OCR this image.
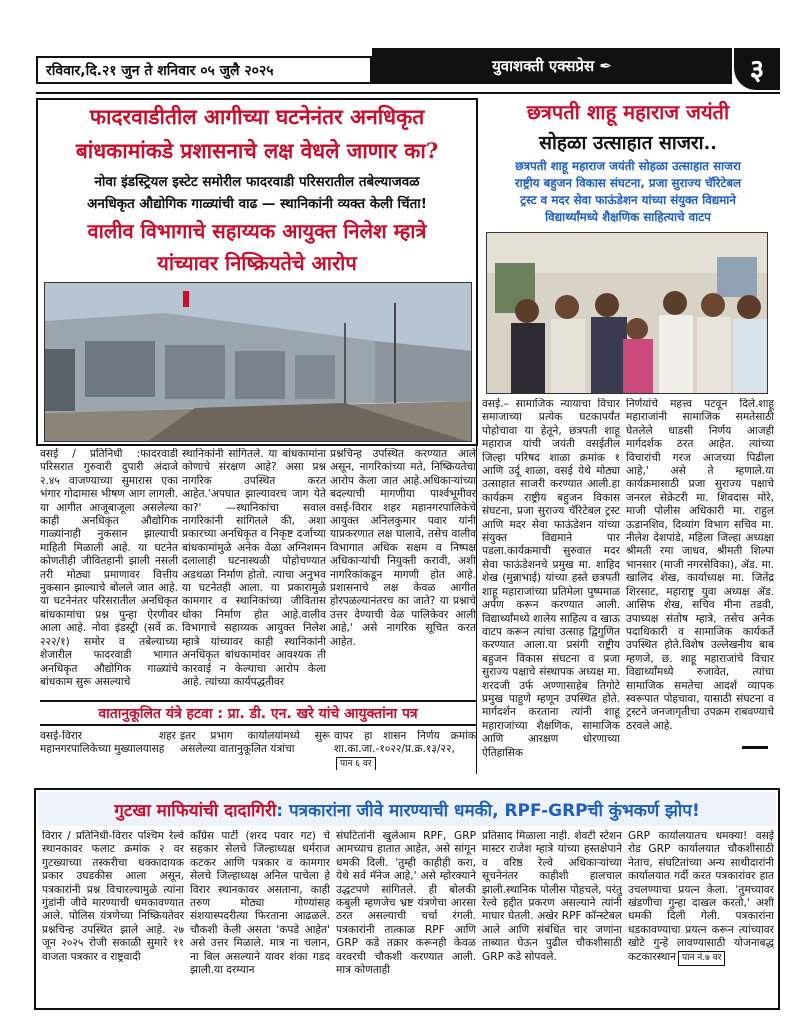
रविवार,दि.२१ जुन ते शनिवार ०५ जुलै २०२५	युवाशक्ती एक्सप्रेस
✒	३
फादरवाडीतील आगीच्या घटनेनंतर अनधिकृत
बांधकामांकडे प्रशासनाचे लक्ष वेधले जाणार का?
नोवा इंडस्ट्रियल इस्टेट समोरील फादरवाडी परिसरातील तबेल्याजवळ
अनधिकृत औद्योगिक गाळ्यांची वाढ — स्थानिकांनी व्यक्त केली चिंता!
वालीव विभागाचे सहाय्यक आयुक्त निलेश म्हात्रे
यांच्यावर निष्क्रियतेचे आरोप
वसई / प्रतिनिधी :फादरवाडी परिसरात गुरुवारी दुपारी अंदाजे २.४५ वाजण्याच्या सुमारास एका भंगार गोदामास भीषण आग लागली. या आगीत आजूबाजूला असलेल्या काही अनधिकृत औद्योगिक गाळ्यांनाही नुकसान झाल्याची माहिती मिळाली आहे. या घटनेत कोणतीही जीवितहानी झाली नसली तरी मोठ्या प्रमाणावर वित्तीय नुकसान झाल्याचे बोलले जात आहे. या घटनेनंतर परिसरातील अनधिकृत बांधकामांचा प्रश्न पुन्हा ऐरणीवर आला आहे. नोवा इंडस्ट्री (सर्वे क्र. २२२/१) समोर व तबेल्याच्या शेजारील फादरवाडी भागात अनधिकृत औद्योगिक गाळ्यांचे बांधकाम सुरू असल्याचे
स्थानिकांनी सांगितले. या बांधकामांना कोणाचे संरक्षण आहे? असा प्रश्न नागरिक उपस्थित करत आहेत.'अपघात झाल्यावरच जाग येते का?' —स्थानिकांचा सवाल नागरिकांनी सांगितले की, अशा प्रकारच्या अनधिकृत व निकृष्ट दर्जाच्या बांधकामांमुळे अनेक वेळा अग्निशमन दलालाही घटनास्थळी पोहोचण्यात अडथळा निर्माण होतो. त्याचा अनुभव या घटनेतही आला. या प्रकारामुळे कामगार व स्थानिकांच्या जीवितास धोका निर्माण होत आहे.वालीव विभागाचे सहाय्यक आयुक्त निलेश म्हात्रे यांच्यावर काही स्थानिकांनी अनधिकृत बांधकामांवर आवश्यक ती कारवाई न केल्याचा आरोप केला आहे. त्यांच्या कार्यपद्धतीवर
प्रश्नचिन्ह उपस्थित करण्यात आले असून, नागरिकांच्या मते, निष्क्रियतेचा आरोप केला जात आहे.अधिकाऱ्यांच्या बदल्याची मागणीया पार्श्वभूमीवर वसई-विरार शहर महानगरपालिकेचे आयुक्त अनिलकुमार पवार यांनी याप्रकरणात लक्ष घालावे, तसेच वालीव विभागात अधिक सक्षम व निष्पक्ष अधिकाऱ्यांची नियुक्ती करावी, अशी नागरिकांकडून मागणी होत आहे. प्रशासनाचे लक्ष केवळ आगीत होरपळल्यानंतरच का जाते? या प्रश्नाचे उत्तर देण्याची वेळ पालिकेवर आली आहे,' असे नागरिक सूचित करत आहेत.
वातानुकूलित यंत्रे हटवा : प्रा. डी. एन. खरे यांचे आयुक्तांना पत्र
वसई-विरार शहर महानगरपालिकेच्या मुख्यालयासह
इतर प्रभाग कार्यालयांमध्ये सुरू असलेल्या वातानुकूलित यंत्रांचा
वापर हा शासन निर्णय क्रमांक शा.का.जा.-१०२२/प्र.क्र.१३/२२,पान ६ वर
छत्रपती शाहू महाराज जयंती
सोहळा उत्साहात साजरा..
छत्रपती शाहू महाराज जयंती सोहळा उत्साहात साजरा
राष्ट्रीय बहुजन विकास संघटना, प्रजा सुराज्य चॅरिटेबल
ट्रस्ट व मदर सेवा फाऊंडेशन यांच्या संयुक्त विद्यमाने
विद्यार्थ्यांमध्ये शैक्षणिक साहित्याचे वाटप
वसई.– सामाजिक न्यायाचा विचार समाजाच्या प्रत्येक घटकापर्यंत पोहोचावा या हेतूने, छत्रपती शाहू महाराज यांची जयंती वसईतील जिल्हा परिषद शाळा क्रमांक १ आणि उर्दू शाळा, वसई येथे मोठ्या उत्साहात साजरी करण्यात आली.हा कार्यक्रम राष्ट्रीय बहुजन विकास संघटना, प्रजा सुराज्य चॅरिटेबल ट्रस्ट आणि मदर सेवा फाऊंडेशन यांच्या संयुक्त विद्यमाने पार पडला.कार्यक्रमाची सुरुवात मदर सेवा फाऊंडेशनचे प्रमुख मा. शाहिद शेख (मुन्नाभाई) यांच्या हस्ते छत्रपती शाहू महाराजांच्या प्रतिमेला पुष्पमाळ अर्पण करून करण्यात आली. विद्यार्थ्यांमध्ये शालेय साहित्य व खाऊ वाटप करून त्यांचा उत्साह द्विगुणित करण्यात आला.या प्रसंगी राष्ट्रीय बहुजन विकास संघटना व प्रजा सुराज्य पक्षाचे संस्थापक अध्यक्ष मा. शरदजी उर्फ अण्णासाहेब तिगोटे प्रमुख पाहुणे म्हणून उपस्थित होते. मार्गदर्शन करताना त्यांनी शाहू महाराजांच्या शैक्षणिक, सामाजिक आणि आरक्षण धोरणाच्या ऐतिहासिक
निर्णयांचे महत्त्व पटवून दिले.शाहू महाराजांनी सामाजिक समतेसाठी घेतलेले धाडसी निर्णय आजही मार्गदर्शक ठरत आहेत. त्यांच्या विचारांची गरज आजच्या पिढीला आहे,' असे ते म्हणाले.या कार्यक्रमासाठी प्रजा सुराज्य पक्षाचे जनरल सेक्रेटरी मा. शिवदास मोरे, माजी पोलीस अधिकारी मा. राहुल ऊडानशिव, दिव्यांग विभाग सचिव मा. नीलेश देशपांडे, महिला जिल्हा अध्यक्षा श्रीमती रमा जाधव, श्रीमती शिल्पा भानसार (माजी नगरसेविका), ॲड. मा. खालिद शेख, कार्याध्यक्ष मा. जितेंद्र शिरसाट, महाराष्ट्र युवा अध्यक्ष ॲड. आसिफ शेख, सचिव मीना तडवी, उपाध्यक्ष संतोष म्हात्रे, तसेच अनेक पदाधिकारी व सामाजिक कार्यकर्ते उपस्थित होते.विशेष उल्लेखनीय बाब म्हणजे, छ. शाहू महाराजांचे विचार विद्यार्थ्यांमध्ये रुजावेत, त्यांचा सामाजिक समतेचा आदर्श व्यापक स्वरूपात पोहचावा, यासाठी संघटना व ट्रस्टने जनजागृतीचा उपक्रम राबवण्याचे ठरवले आहे.
गुटखा माफियांची दादागिरी : पत्रकारांना जीवे मारण्याची धमकी, RPF-GRPची कुंभकर्ण झोप!
विरार / प्रतिनिधी-विरार पश्चिम रेल्वे स्थानकावर फलाट क्रमांक २ वर गुटख्याच्या तस्करीचा धक्कादायक प्रकार उघडकीस आला असून, पत्रकारांनी प्रश्न विचारल्यामुळे त्यांना गुंडांनी जीवे मारण्याची धमकावण्यात आले. पोलिस यंत्रणेच्या निष्क्रियतेवर प्रश्नचिन्ह उपस्थित झाले आहे. २७ जून २०२५ रोजी सकाळी सुमारे ११ वाजता पत्रकार व राष्ट्रवादी
काँग्रेस पार्टी (शरद पवार गट) चे सहकार सेलचे जिल्हाध्यक्ष धर्मराज कटकर आणि पत्रकार व कामगार सेलचे जिल्हाध्यक्ष अनिल पाचेला हे विरार स्थानकावर असताना, काही तरुण मोठ्या गोण्यांसह संशयास्पदरीत्या फिरताना आढळले. चौकशी केली असता 'कपडे आहेत' असे उत्तर मिळाले. मात्र ना चलान, ना बिल असल्याने यावर शंका गडद झाली.या दरम्यान
संघटितांनी खुलेआम RPF, GRP आमच्याच हातात आहेत, असे सांगून धमकी दिली. 'तुम्ही काहीही करा, येथे सर्व मॅनेज आहे,' असे म्होरक्याने उद्धटपणे सांगितले. ही बोलकी कबुली म्हणजेच भ्रष्ट यंत्रणेचा आरसा ठरत असल्याची चर्चा रंगली. पत्रकारांनी तात्काळ RPF आणि GRP कडे तक्रार करूनही केवळ वरवरची चौकशी करण्यात आली. मात्र कोणताही
प्रतिसाद मिळाला नाही. शेवटी स्टेशन मास्टर राजेश म्हात्रे यांच्या हस्तक्षेपाने व वरिष्ठ रेल्वे अधिकाऱ्यांच्या सूचनेनंतर काहीशी हालचाल झाली.स्थानिक पोलीस पोहचले, परंतु रेल्वे हद्दीत प्रकरण असल्याने त्यांनी माघार घेतली. अखेर RPF कॉन्स्टेबल आले आणि संबंधित चार जणांना ताब्यात घेऊन पुढील चौकशीसाठी GRP कडे सोपवले.
GRP कार्यालयातच धमक्या! वसई रोड GRP कार्यालयात चौकशीसाठी नेताच, संघटितांच्या अन्य साथीदारांनी कार्यालयात गर्दी करत पत्रकारांवर हात उचलण्याचा प्रयत्न केला. 'तुमच्यावर खंडणीचा गुन्हा दाखल करतो,' अशी धमकी दिली गेली. पत्रकारांना धडकावण्याचा प्रयत्न करून त्यांच्यावर खोटे गुन्हे लावण्यासाठी योजनाबद्ध कटकारस्थान पान नं.७ वर
